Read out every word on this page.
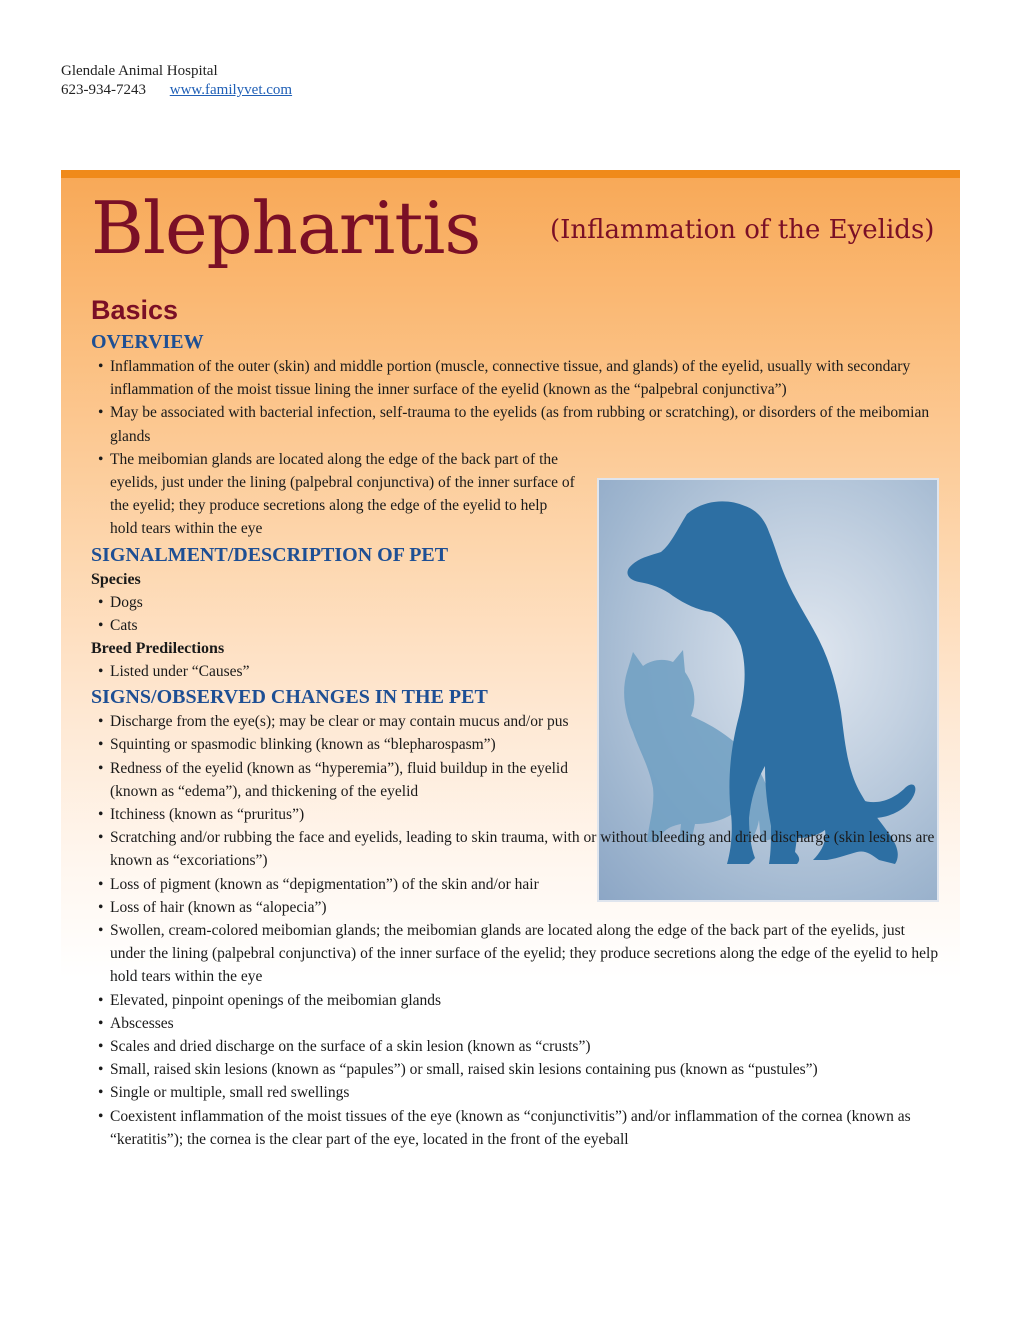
Glendale Animal Hospital
623-934-7243 www.familyvet.com
Blepharitis	(Inflammation of the Eyelids)
Basics
OVERVIEW
• Inflammation of the outer (skin) and middle portion (muscle, connective tissue, and glands) of the eyelid, usually with secondary inflammation of the moist tissue lining the inner surface of the eyelid (known as the “palpebral conjunctiva”)
• May be associated with bacterial infection, self-trauma to the eyelids (as from rubbing or scratching), or disorders of the meibomian glands
• The meibomian glands are located along the edge of the back part of the eyelids, just under the lining (palpebral conjunctiva) of the inner surface of the eyelid; they produce secretions along the edge of the eyelid to help hold tears within the eye
SIGNALMENT/DESCRIPTION OF PET
Species
• Dogs
• Cats
Breed Predilections
• Listed under “Causes”
SIGNS/OBSERVED CHANGES IN THE PET
• Discharge from the eye(s); may be clear or may contain mucus and/or pus
• Squinting or spasmodic blinking (known as “blepharospasm”)
• Redness of the eyelid (known as “hyperemia”), fluid buildup in the eyelid (known as “edema”), and thickening of the eyelid
• Itchiness (known as “pruritus”)
• Scratching and/or rubbing the face and eyelids, leading to skin trauma, with or without bleeding and dried discharge (skin lesions are known as “excoriations”)
• Loss of pigment (known as “depigmentation”) of the skin and/or hair
• Loss of hair (known as “alopecia”)
• Swollen, cream-colored meibomian glands; the meibomian glands are located along the edge of the back part of the eyelids, just under the lining (palpebral conjunctiva) of the inner surface of the eyelid; they produce secretions along the edge of the eyelid to help hold tears within the eye
• Elevated, pinpoint openings of the meibomian glands
• Abscesses
• Scales and dried discharge on the surface of a skin lesion (known as “crusts”)
• Small, raised skin lesions (known as “papules”) or small, raised skin lesions containing pus (known as “pustules”)
• Single or multiple, small red swellings
• Coexistent inflammation of the moist tissues of the eye (known as “conjunctivitis”) and/or inflammation of the cornea (known as “keratitis”); the cornea is the clear part of the eye, located in the front of the eyeball
